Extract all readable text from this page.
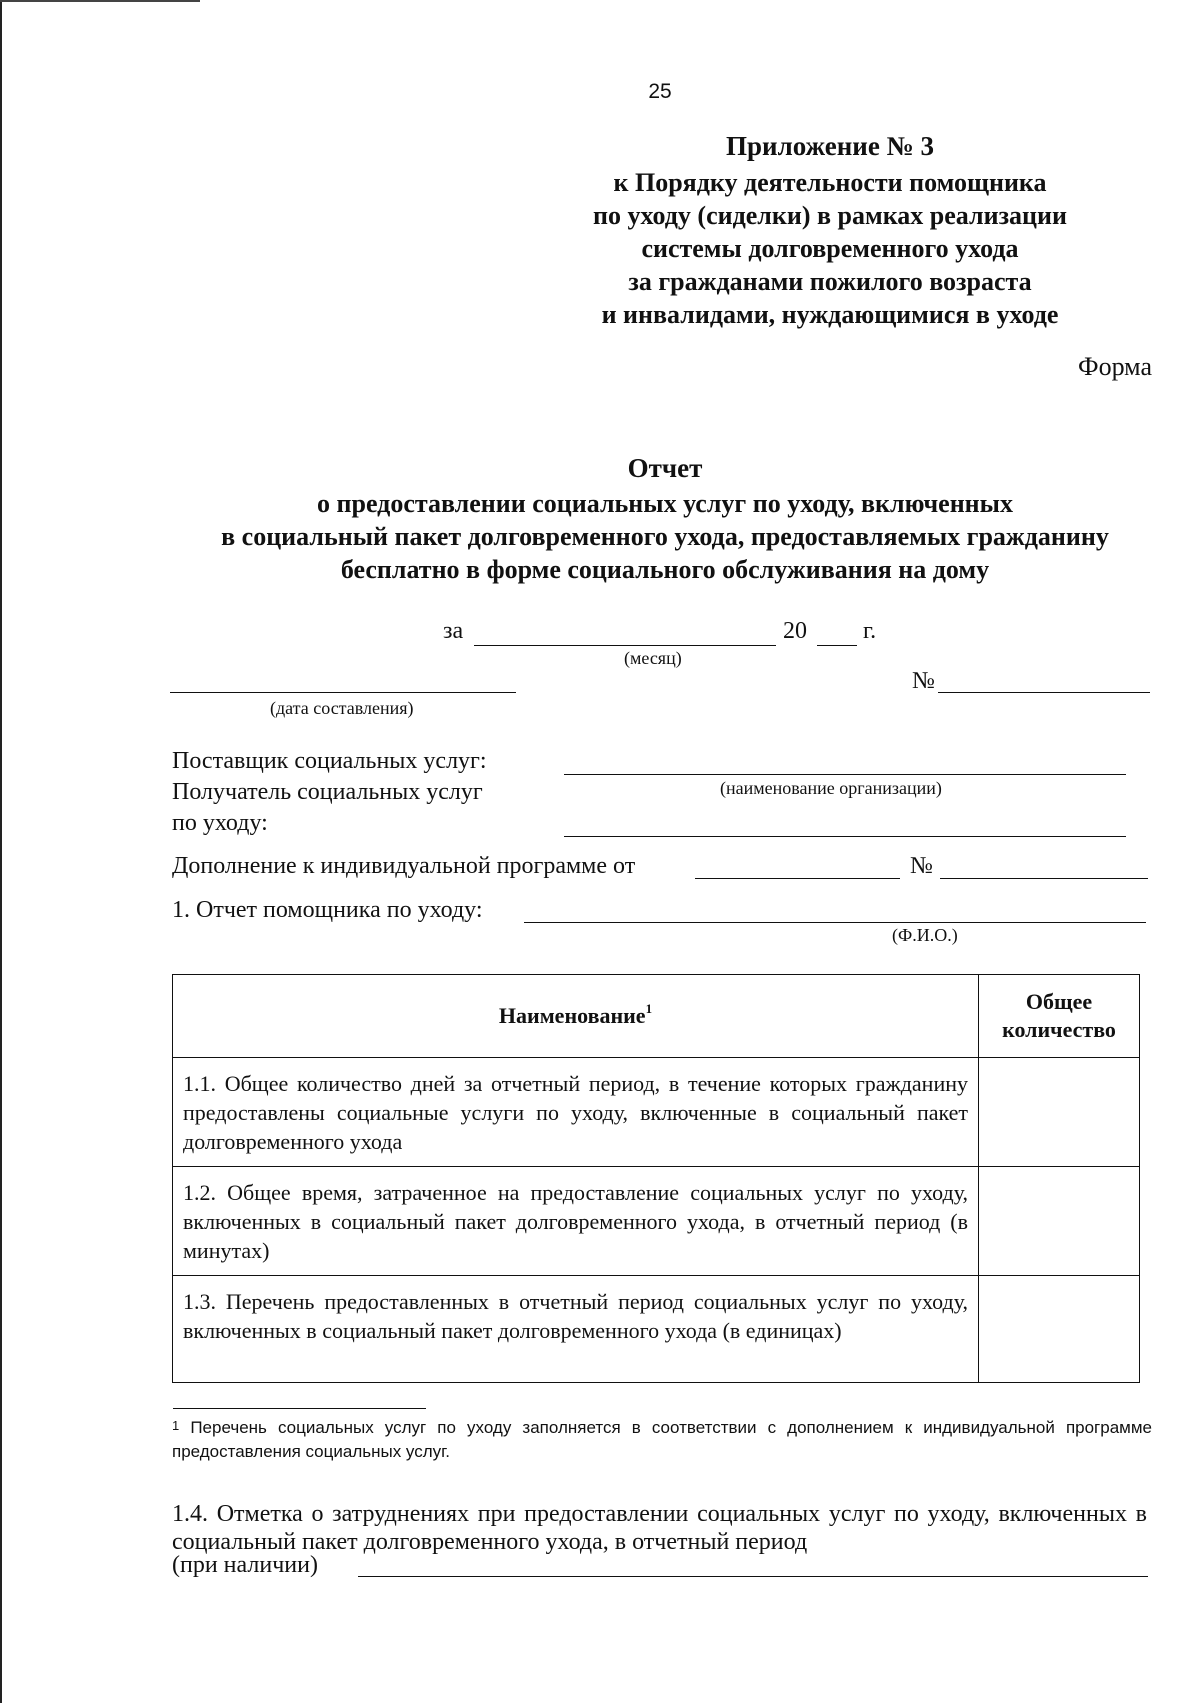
25
Приложение № 3
к Порядку деятельности помощника
по уходу (сиделки) в рамках реализации
системы долговременного ухода
за гражданами пожилого возраста
и инвалидами, нуждающимися в уходе
Форма
Отчет
о предоставлении социальных услуг по уходу, включенных
в социальный пакет долговременного ухода, предоставляемых гражданину
бесплатно в форме социального обслуживания на дому
за	20 г.
(месяц)
(дата составления)
№
Поставщик социальных услуг:
(наименование организации)
Получатель социальных услуг
по уходу:
Дополнение к индивидуальной программе от	№
1. Отчет помощника по уходу:
(Ф.И.О.)
Наименование$^1$	Общее
количество

1.1. Общее количество дней за отчетный период, в течение которых гражданину предоставлены социальные услуги по уходу, включенные в социальный пакет долговременного ухода	
1.2. Общее время, затраченное на предоставление социальных услуг по уходу, включенных в социальный пакет долговременного ухода, в отчетный период (в минутах)	
1.3. Перечень предоставленных в отчетный период социальных услуг по уходу, включенных в социальный пакет долговременного ухода (в единицах)	
$^1$ Перечень социальных услуг по уходу заполняется в соответствии с дополнением к индивидуальной программе предоставления социальных услуг.
1.4. Отметка о затруднениях при предоставлении социальных услуг по уходу, включенных в социальный пакет долговременного ухода, в отчетный период
(при наличии)
